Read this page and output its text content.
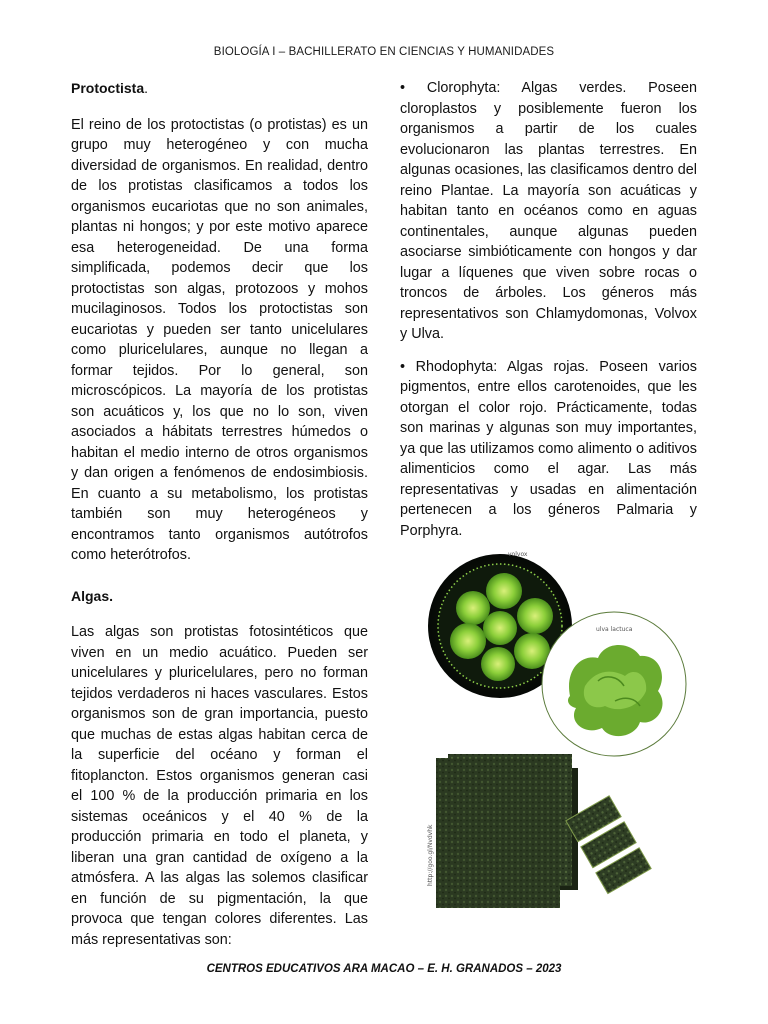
BIOLOGÍA I – BACHILLERATO EN CIENCIAS Y HUMANIDADES
Protoctista.

El reino de los protoctistas (o protistas) es un grupo muy heterogéneo y con mucha diversidad de organismos. En realidad, dentro de los protistas clasificamos a todos los organismos eucariotas que no son animales, plantas ni hongos; y por este motivo aparece esa heterogeneidad. De una forma simplificada, podemos decir que los protoctistas son algas, protozoos y mohos mucilaginosos. Todos los protoctistas son eucariotas y pueden ser tanto unicelulares como pluricelulares, aunque no llegan a formar tejidos. Por lo general, son microscópicos. La mayoría de los protistas son acuáticos y, los que no lo son, viven asociados a hábitats terrestres húmedos o habitan el medio interno de otros organismos y dan origen a fenómenos de endosimbiosis. En cuanto a su metabolismo, los protistas también son muy heterogéneos y encontramos tanto organismos autótrofos como heterótrofos.

Algas.

Las algas son protistas fotosintéticos que viven en un medio acuático. Pueden ser unicelulares y pluricelulares, pero no forman tejidos verdaderos ni haces vasculares. Estos organismos son de gran importancia, puesto que muchas de estas algas habitan cerca de la superficie del océano y forman el fitoplancton. Estos organismos generan casi el 100 % de la producción primaria en los sistemas oceánicos y el 40 % de la producción primaria en todo el planeta, y liberan una gran cantidad de oxígeno a la atmósfera. A las algas las solemos clasificar en función de su pigmentación, la que provoca que tengan colores diferentes. Las más representativas son:

• Clorophyta: Algas verdes. Poseen cloroplastos y posiblemente fueron los organismos a partir de los cuales evolucionaron las plantas terrestres. En algunas ocasiones, las clasificamos dentro del reino Plantae. La mayoría son acuáticas y habitan tanto en océanos como en aguas continentales, aunque algunas pueden asociarse simbióticamente con hongos y dar lugar a líquenes que viven sobre rocas o troncos de árboles. Los géneros más representativos son Chlamydomonas, Volvox y Ulva.

• Rhodophyta: Algas rojas. Poseen varios pigmentos, entre ellos carotenoides, que les otorgan el color rojo. Prácticamente, todas son marinas y algunas son muy importantes, ya que las utilizamos como alimento o aditivos alimenticios como el agar. Las más representativas y usadas en alimentación pertenecen a los géneros Palmaria y Porphyra.

volvox
ulva lactuca
http://goo.gl/Nvdvhk
CENTROS EDUCATIVOS ARA MACAO – E. H. GRANADOS – 2023
